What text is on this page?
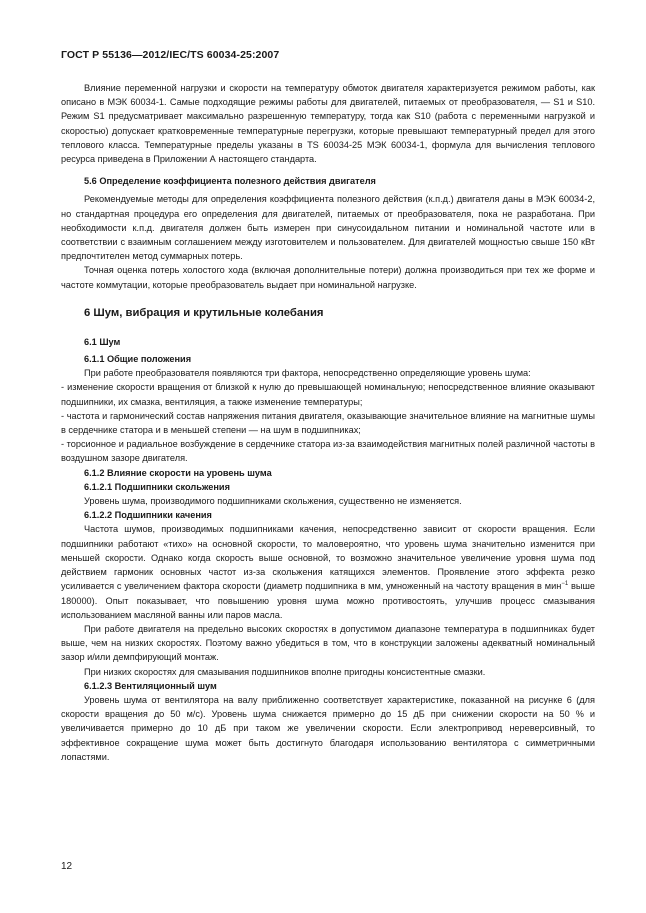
ГОСТ Р 55136—2012/IEC/TS 60034-25:2007

Влияние переменной нагрузки и скорости на температуру обмоток двигателя характеризуется режимом работы, как описано в МЭК 60034-1. Самые подходящие режимы работы для двигателей, питаемых от преобразователя, — S1 и S10. Режим S1 предусматривает максимально разрешенную температуру, тогда как S10 (работа с переменными нагрузкой и скоростью) допускает кратковременные температурные перегрузки, которые превышают температурный предел для этого теплового класса. Температурные пределы указаны в TS 60034-25 МЭК 60034-1, формула для вычисления теплового ресурса приведена в Приложении А настоящего стандарта.

5.6 Определение коэффициента полезного действия двигателя

Рекомендуемые методы для определения коэффициента полезного действия (к.п.д.) двигателя даны в МЭК 60034-2, но стандартная процедура его определения для двигателей, питаемых от преобразователя, пока не разработана. При необходимости к.п.д. двигателя должен быть измерен при синусоидальном питании и номинальной частоте или в соответствии с взаимным соглашением между изготовителем и пользователем. Для двигателей мощностью свыше 150 кВт предпочтителен метод суммарных потерь.

Точная оценка потерь холостого хода (включая дополнительные потери) должна производиться при тех же форме и частоте коммутации, которые преобразователь выдает при номинальной нагрузке.

6 Шум, вибрация и крутильные колебания

6.1 Шум

6.1.1 Общие положения

При работе преобразователя появляются три фактора, непосредственно определяющие уровень шума:

- изменение скорости вращения от близкой к нулю до превышающей номинальную; непосредственное влияние оказывают подшипники, их смазка, вентиляция, а также изменение температуры;

- частота и гармонический состав напряжения питания двигателя, оказывающие значительное влияние на магнитные шумы в сердечнике статора и в меньшей степени — на шум в подшипниках;

- торсионное и радиальное возбуждение в сердечнике статора из-за взаимодействия магнитных полей различной частоты в воздушном зазоре двигателя.

6.1.2 Влияние скорости на уровень шума

6.1.2.1 Подшипники скольжения

Уровень шума, производимого подшипниками скольжения, существенно не изменяется.

6.1.2.2 Подшипники качения

Частота шумов, производимых подшипниками качения, непосредственно зависит от скорости вращения. Если подшипники работают «тихо» на основной скорости, то маловероятно, что уровень шума значительно изменится при меньшей скорости. Однако когда скорость выше основной, то возможно значительное увеличение уровня шума под действием гармоник основных частот из-за скольжения катящихся элементов. Проявление этого эффекта резко усиливается с увеличением фактора скорости (диаметр подшипника в мм, умноженный на частоту вращения в мин$^{-1}$ выше 180000). Опыт показывает, что повышению уровня шума можно противостоять, улучшив процесс смазывания использованием масляной ванны или паров масла.

При работе двигателя на предельно высоких скоростях в допустимом диапазоне температура в подшипниках будет выше, чем на низких скоростях. Поэтому важно убедиться в том, что в конструкции заложены адекватный номинальный зазор и/или демпфирующий монтаж.

При низких скоростях для смазывания подшипников вполне пригодны консистентные смазки.

6.1.2.3 Вентиляционный шум

Уровень шума от вентилятора на валу приближенно соответствует характеристике, показанной на рисунке 6 (для скорости вращения до 50 м/с). Уровень шума снижается примерно до 15 дБ при снижении скорости на 50 % и увеличивается примерно до 10 дБ при таком же увеличении скорости. Если электропривод нереверсивный, то эффективное сокращение шума может быть достигнуто благодаря использованию вентилятора с симметричными лопастями.

12
